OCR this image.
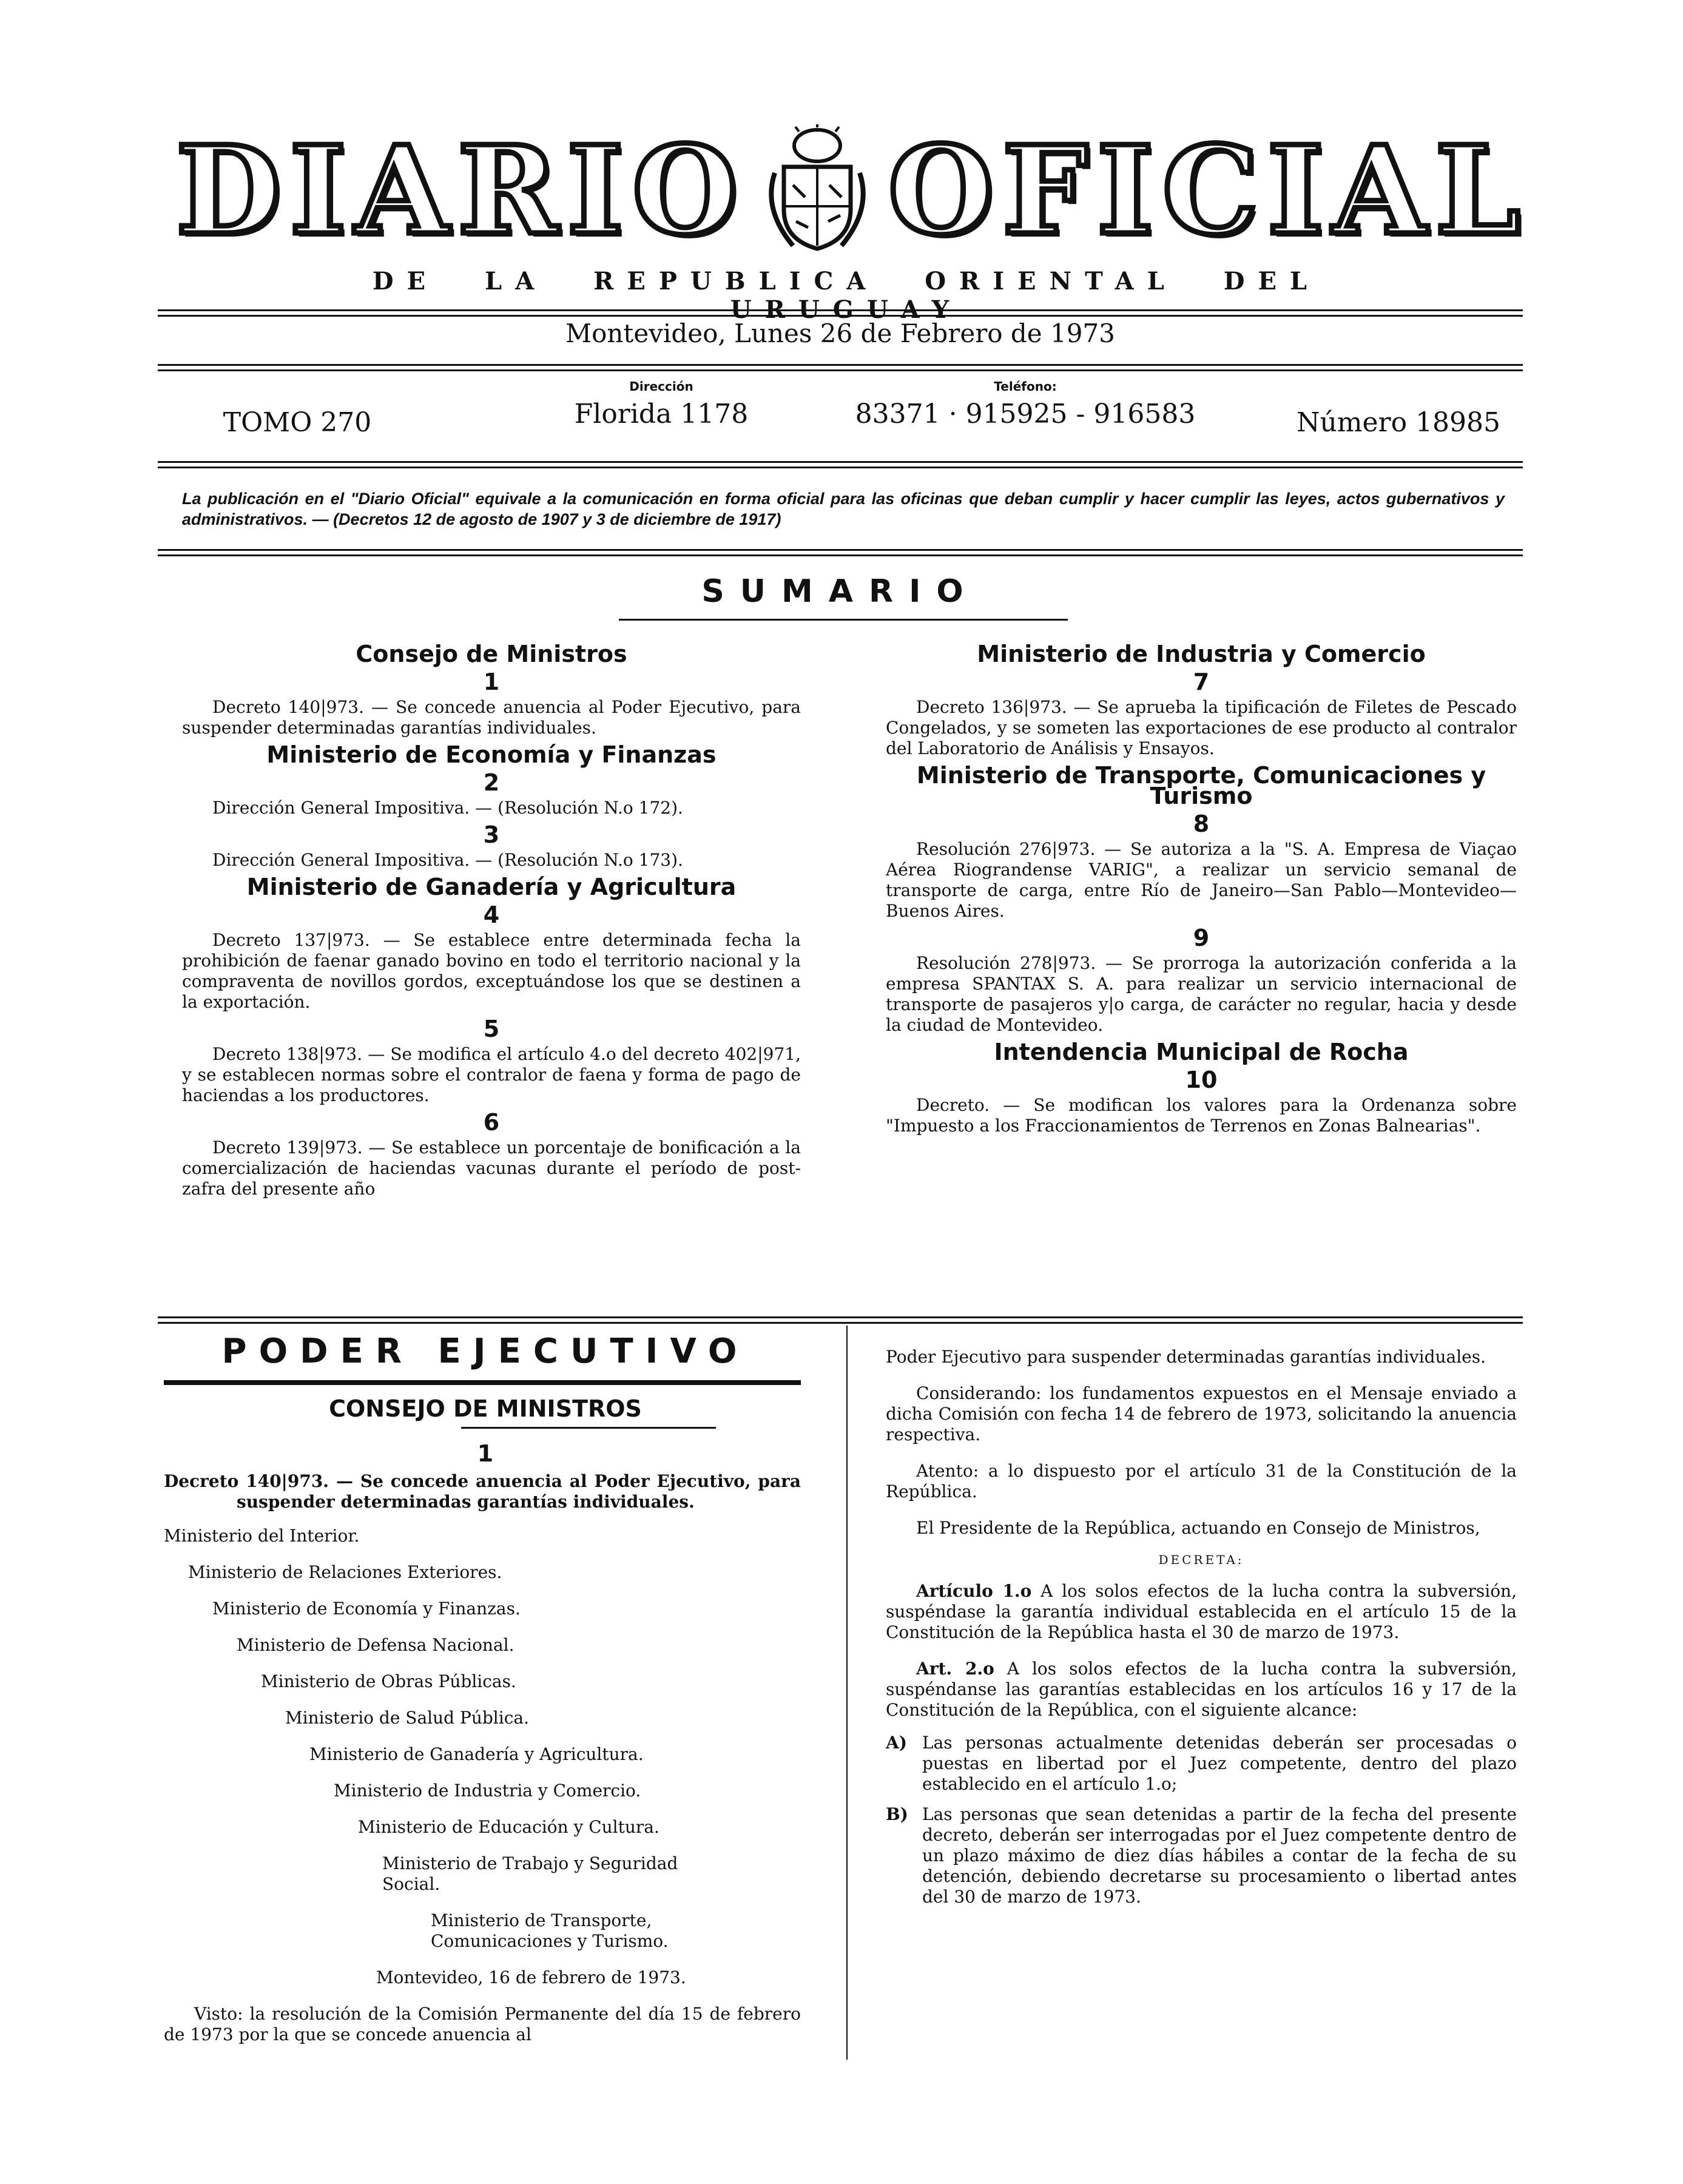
DIARIO OFICIAL
DE LA REPUBLICA ORIENTAL DEL URUGUAY
Montevideo, Lunes 26 de Febrero de 1973
TOMO 270
Dirección
Florida 1178
Teléfono:
83371 · 915925 - 916583	Número 18985
La publicación en el "Diario Oficial" equivale a la comunicación en forma oficial para las oficinas que deban cumplir y hacer cumplir las leyes, actos gubernativos y administrativos. — (Decretos 12 de agosto de 1907 y 3 de diciembre de 1917)
SUMARIO
Consejo de Ministros
1

Decreto 140|973. — Se concede anuencia al Poder Ejecutivo, para suspender determinadas garantías individuales.

Ministerio de Economía y Finanzas
2

Dirección General Impositiva. — (Resolución N.o 172).

3

Dirección General Impositiva. — (Resolución N.o 173).

Ministerio de Ganadería y Agricultura
4

Decreto 137|973. — Se establece entre determinada fecha la prohibición de faenar ganado bovino en todo el territorio nacional y la compraventa de novillos gordos, exceptuándose los que se destinen a la exportación.

5

Decreto 138|973. — Se modifica el artículo 4.o del decreto 402|971, y se establecen normas sobre el contralor de faena y forma de pago de haciendas a los productores.

6

Decreto 139|973. — Se establece un porcentaje de bonificación a la comercialización de haciendas vacunas durante el período de post-zafra del presente año

Ministerio de Industria y Comercio
7

Decreto 136|973. — Se aprueba la tipificación de Filetes de Pescado Congelados, y se someten las exportaciones de ese producto al contralor del Laboratorio de Análisis y Ensayos.

Ministerio de Transporte, Comunicaciones y Turismo
8

Resolución 276|973. — Se autoriza a la "S. A. Empresa de Viaçao Aérea Riograndense VARIG", a realizar un servicio semanal de transporte de carga, entre Río de Janeiro—San Pablo—Montevideo—Buenos Aires.

9

Resolución 278|973. — Se prorroga la autorización conferida a la empresa SPANTAX S. A. para realizar un servicio internacional de transporte de pasajeros y|o carga, de carácter no regular, hacia y desde la ciudad de Montevideo.

Intendencia Municipal de Rocha
10

Decreto. — Se modifican los valores para la Ordenanza sobre "Impuesto a los Fraccionamientos de Terrenos en Zonas Balnearias".

PODER EJECUTIVO
CONSEJO DE MINISTROS
1

Decreto 140|973. — Se concede anuencia al Poder Ejecutivo, para suspender determinadas garantías individuales.

Ministerio del Interior.
Ministerio de Relaciones Exteriores.
Ministerio de Economía y Finanzas.
Ministerio de Defensa Nacional.
Ministerio de Obras Públicas.
Ministerio de Salud Pública.
Ministerio de Ganadería y Agricultura.
Ministerio de Industria y Comercio.
Ministerio de Educación y Cultura.
Ministerio de Trabajo y Seguridad Social.
Ministerio de Transporte, Comunicaciones y Turismo.
Montevideo, 16 de febrero de 1973.

Visto: la resolución de la Comisión Permanente del día 15 de febrero de 1973 por la que se concede anuencia al

Poder Ejecutivo para suspender determinadas garantías individuales.

Considerando: los fundamentos expuestos en el Mensaje enviado a dicha Comisión con fecha 14 de febrero de 1973, solicitando la anuencia respectiva.

Atento: a lo dispuesto por el artículo 31 de la Constitución de la República.

El Presidente de la República, actuando en Consejo de Ministros,

DECRETA:

Artículo 1.o A los solos efectos de la lucha contra la subversión, suspéndase la garantía individual establecida en el artículo 15 de la Constitución de la República hasta el 30 de marzo de 1973.

Art. 2.o A los solos efectos de la lucha contra la subversión, suspéndanse las garantías establecidas en los artículos 16 y 17 de la Constitución de la República, con el siguiente alcance:

A) Las personas actualmente detenidas deberán ser procesadas o puestas en libertad por el Juez competente, dentro del plazo establecido en el artículo 1.o;
B) Las personas que sean detenidas a partir de la fecha del presente decreto, deberán ser interrogadas por el Juez competente dentro de un plazo máximo de diez días hábiles a contar de la fecha de su detención, debiendo decretarse su procesamiento o libertad antes del 30 de marzo de 1973.
